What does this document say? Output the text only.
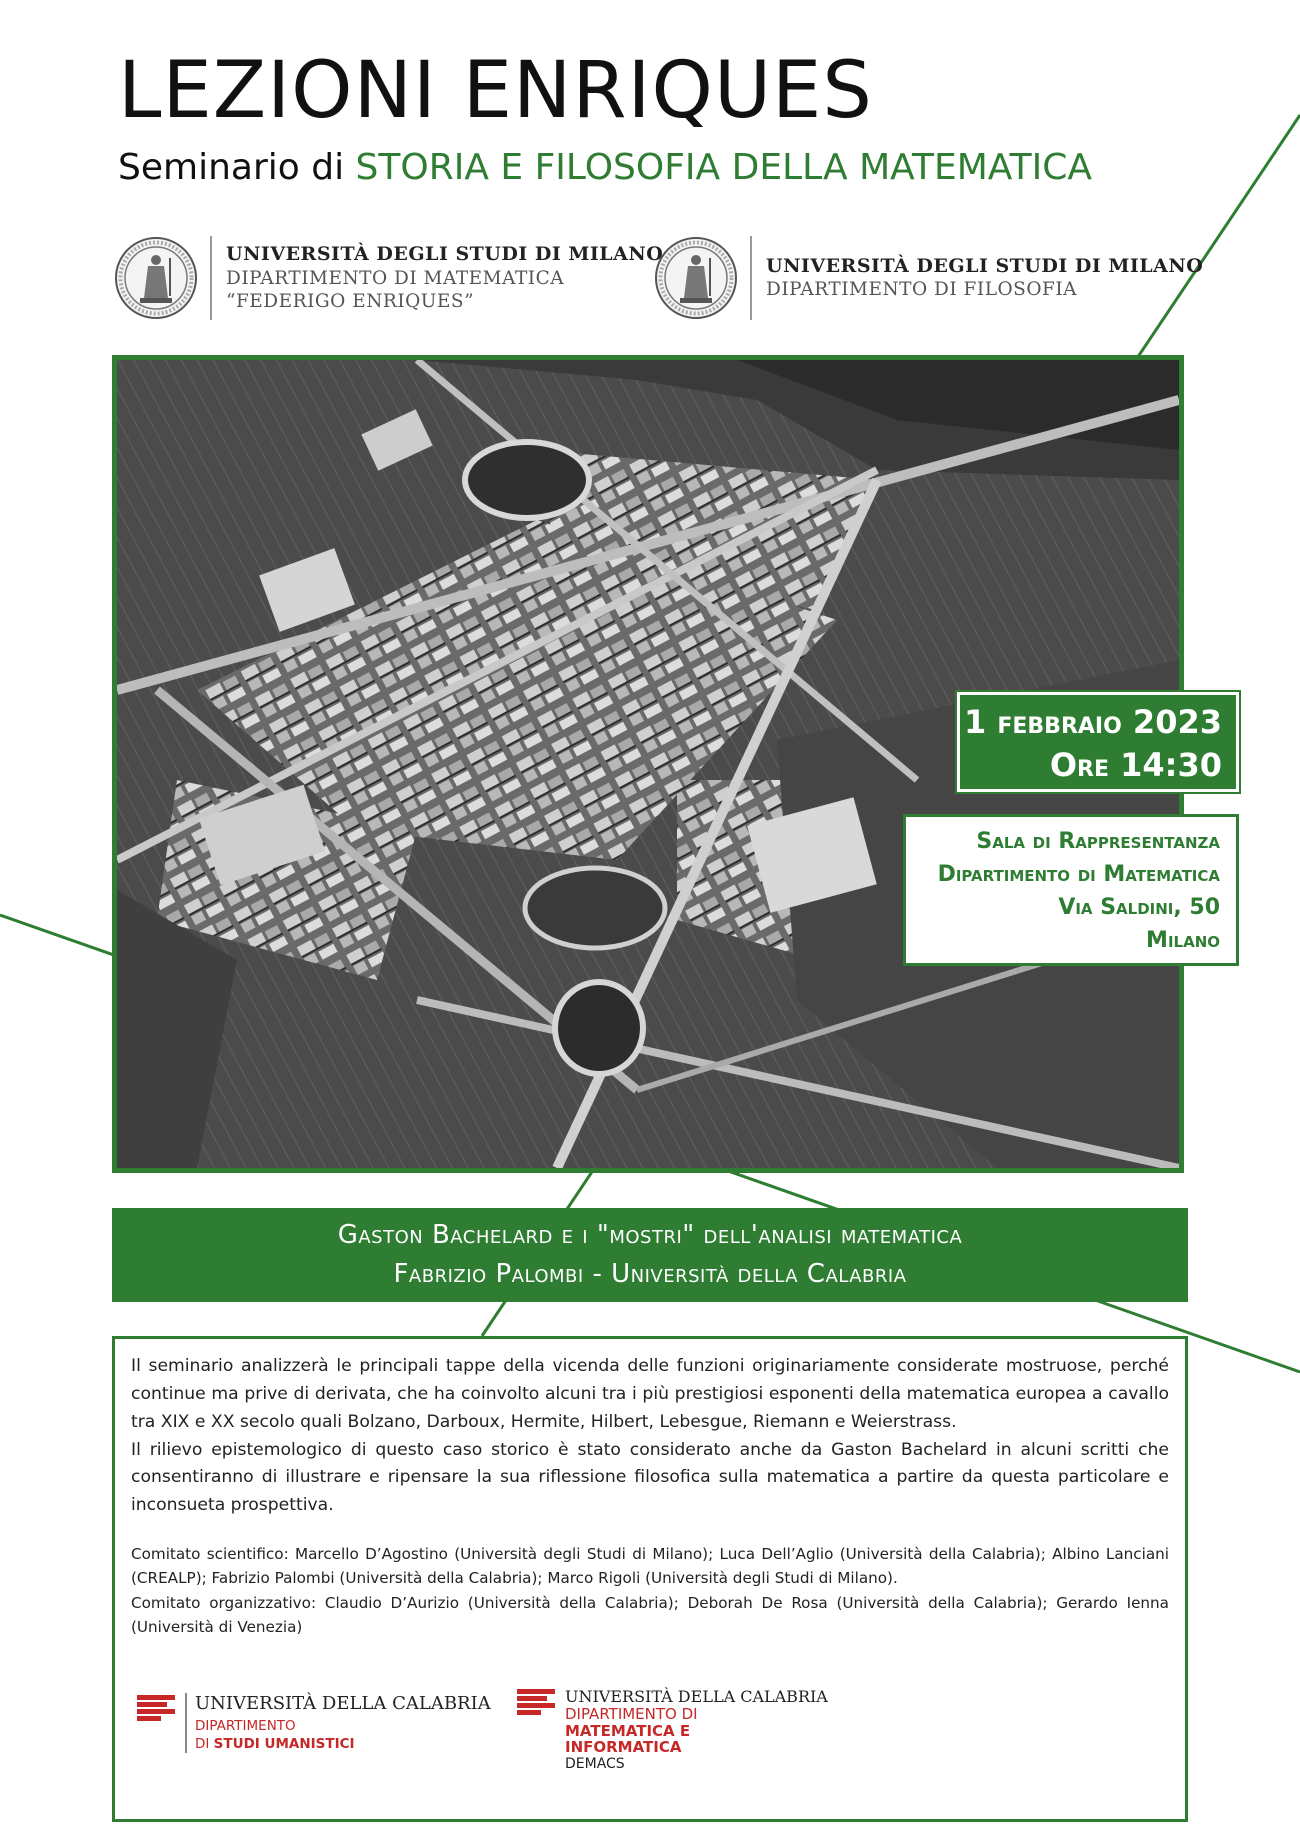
LEZIONI ENRIQUES
Seminario di STORIA E FILOSOFIA DELLA MATEMATICA
UNIVERSITÀ DEGLI STUDI DI MILANO
DIPARTIMENTO DI MATEMATICA
“FEDERIGO ENRIQUES”
UNIVERSITÀ DEGLI STUDI DI MILANO
DIPARTIMENTO DI FILOSOFIA
1 febbraio 2023
Ore 14:30
Sala di Rappresentanza
Dipartimento di Matematica
Via Saldini, 50
Milano
Gaston Bachelard e i "mostri" dell'analisi matematica
Fabrizio Palombi - Università della Calabria

Il seminario analizzerà le principali tappe della vicenda delle funzioni originariamente considerate mostruose, perché continue ma prive di derivata, che ha coinvolto alcuni tra i più prestigiosi esponenti della matematica europea a cavallo tra XIX e XX secolo quali Bolzano, Darboux, Hermite, Hilbert, Lebesgue, Riemann e Weierstrass.

Il rilievo epistemologico di questo caso storico è stato considerato anche da Gaston Bachelard in alcuni scritti che consentiranno di illustrare e ripensare la sua riflessione filosofica sulla matematica a partire da questa particolare e inconsueta prospettiva.

Comitato scientifico: Marcello D’Agostino (Università degli Studi di Milano); Luca Dell’Aglio (Università della Calabria); Albino Lanciani (CREALP); Fabrizio Palombi (Università della Calabria); Marco Rigoli (Università degli Studi di Milano).

Comitato organizzativo: Claudio D’Aurizio (Università della Calabria); Deborah De Rosa (Università della Calabria); Gerardo Ienna (Università di Venezia)

UNIVERSITÀ DELLA CALABRIA
DIPARTIMENTO
DI STUDI UMANISTICI
UNIVERSITÀ DELLA CALABRIA
DIPARTIMENTO DI
MATEMATICA E
INFORMATICA
DEMACS
